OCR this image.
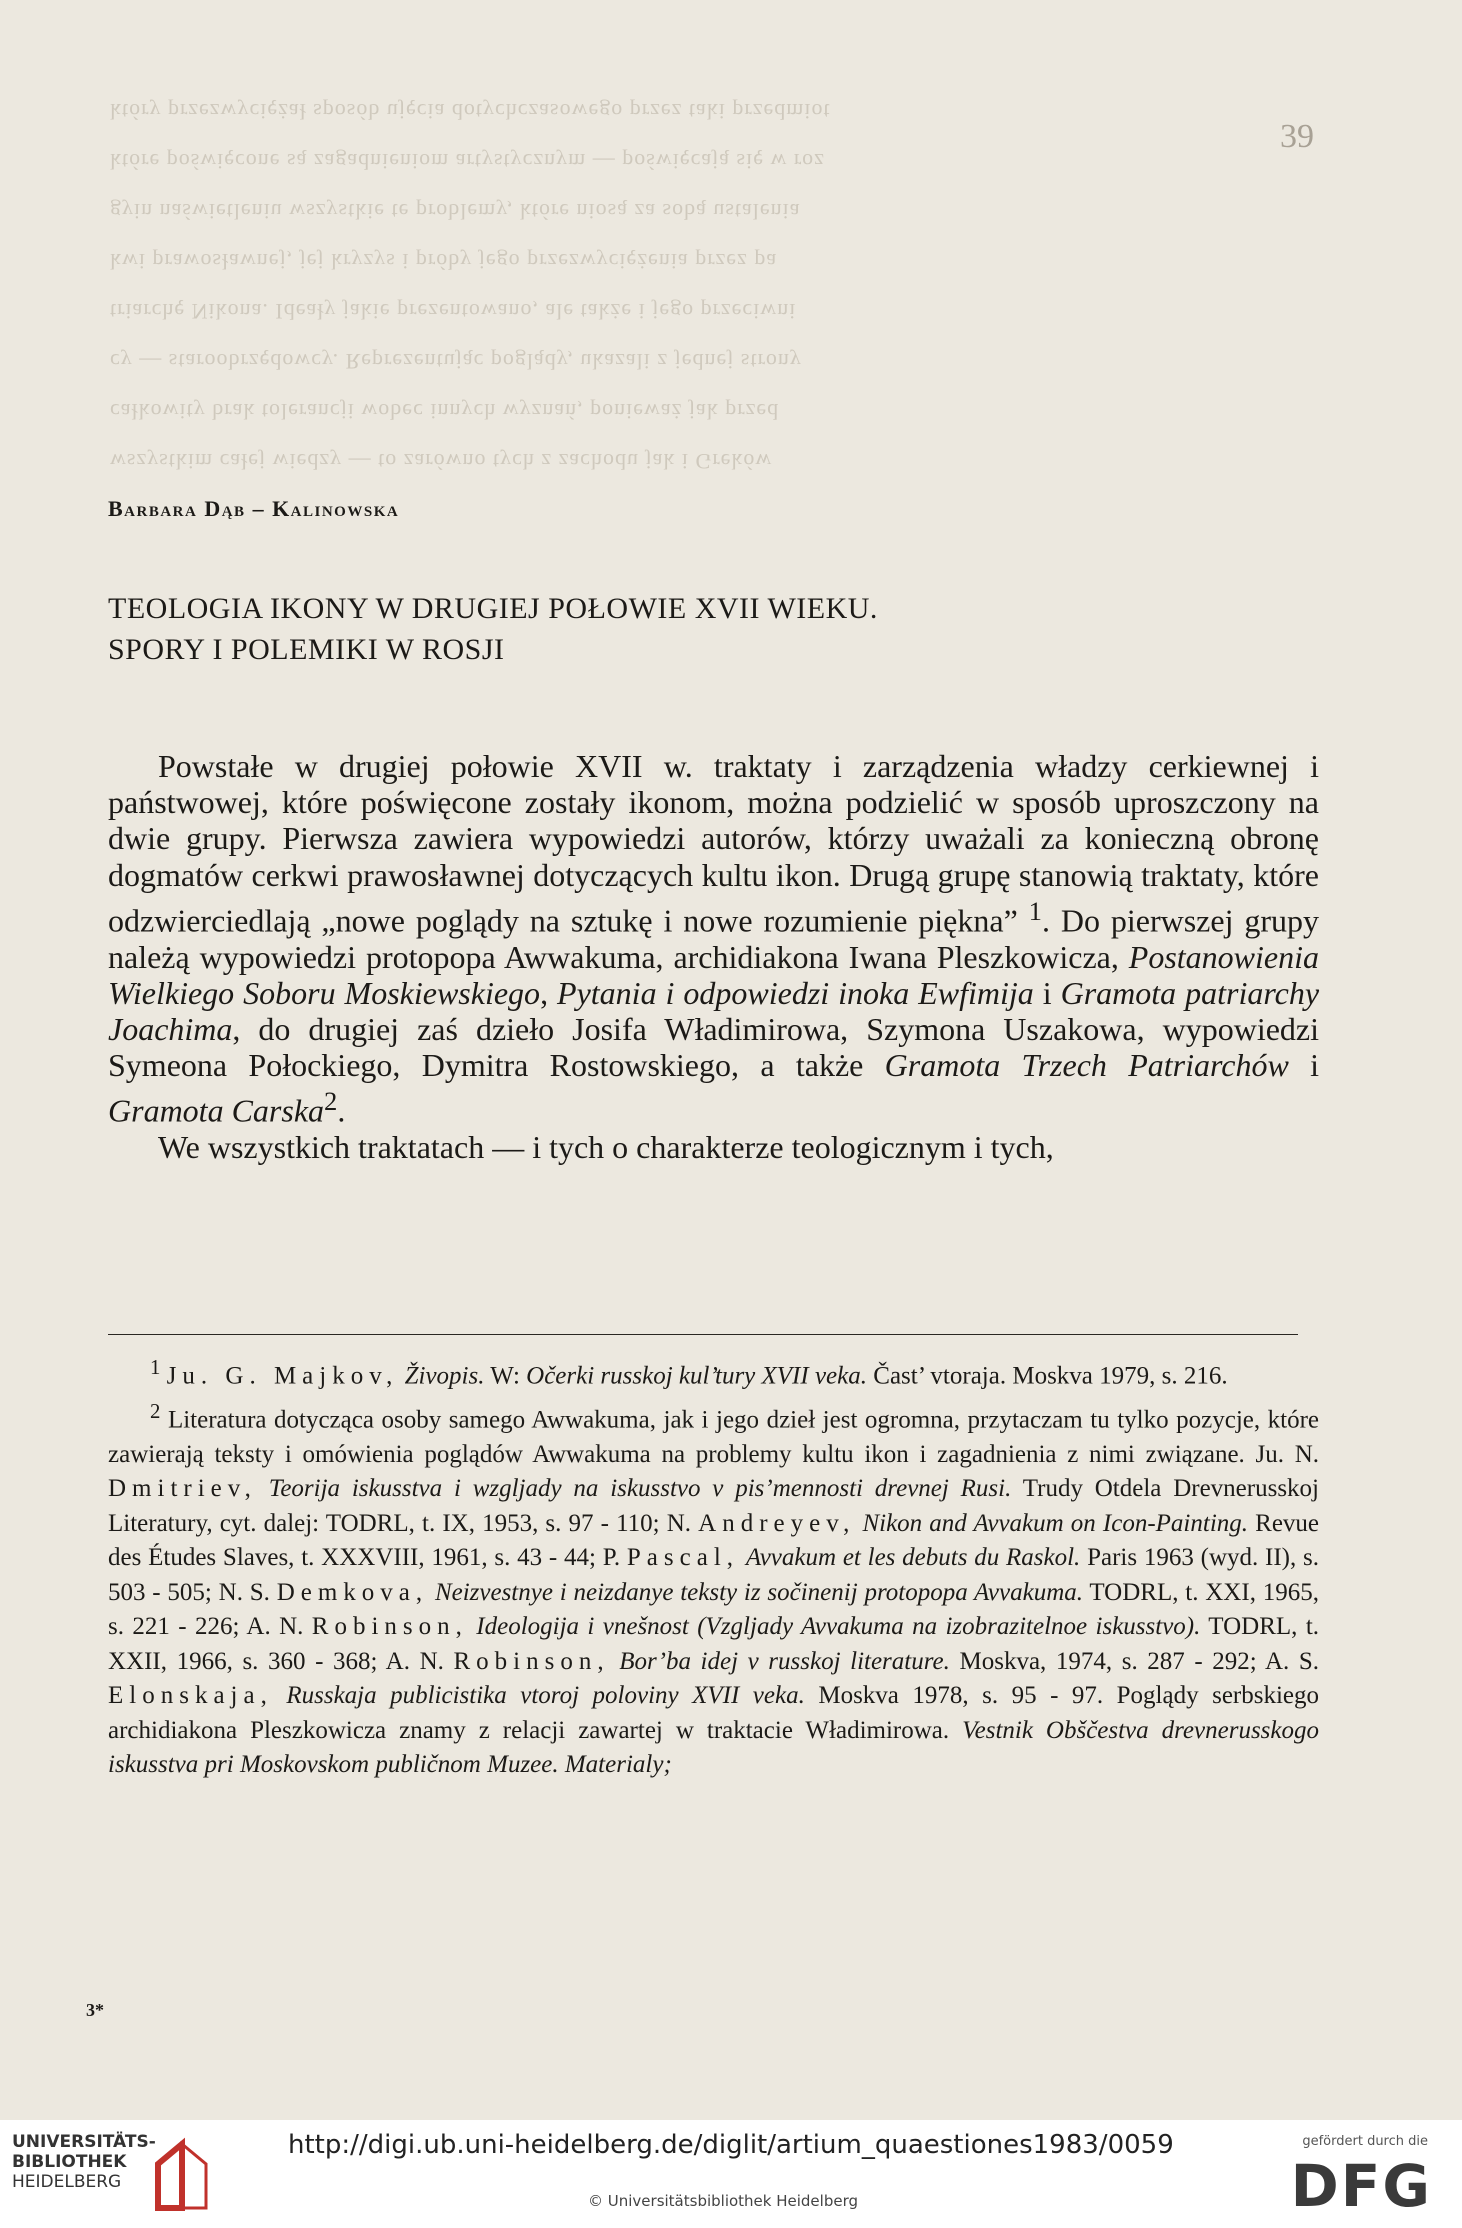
który przezwyciężał sposób ujęcia dotychczasowego przez taki przedmiot
które poświęcone są zagadnieniom artystycznym — poświęcają się w roz
gyin naświetleniu wszystkie te problemy, które niosą za sobą ustalenia
kwi prawosławnej, jej kryzys i próby jego przezwyciężenia przez pa
triarchę Nikona. Ideały jakie prezentowano, ale także i jego przeciwni
cy — staroobrzędowcy. Reprezentując poglądy, ukazali z jednej strony
całkowity brak tolerancji wobec innych wyznań, ponieważ jak przed
wszystkim całej wiedzy — to zarówno tych z zachodu jak i Greków
39
Barbara Dąb – Kalinowska
TEOLOGIA IKONY W DRUGIEJ POŁOWIE XVII WIEKU.
SPORY I POLEMIKI W ROSJI

Powstałe w drugiej połowie XVII w. traktaty i zarządzenia władzy cerkiewnej i państwowej, które poświęcone zostały ikonom, można podzielić w sposób uproszczony na dwie grupy. Pierwsza zawiera wypowiedzi autorów, którzy uważali za konieczną obronę dogmatów cerkwi prawosławnej dotyczących kultu ikon. Drugą grupę stanowią traktaty, które odzwierciedlają „nowe poglądy na sztukę i nowe rozumienie piękna” $^1$. Do pierwszej grupy należą wypowiedzi protopopa Awwakuma, archidiakona Iwana Pleszkowicza, Postanowienia Wielkiego Soboru Moskiewskiego, Pytania i odpowiedzi inoka Ewfimija i Gramota patriarchy Joachima, do drugiej zaś dzieło Josifa Władimirowa, Szymona Uszakowa, wypowiedzi Symeona Połockiego, Dymitra Rostowskiego, a także Gramota Trzech Patriarchów i Gramota Carska$^2$.

We wszystkich traktatach — i tych o charakterze teologicznym i tych,

$^1$ Ju. G. Majkov, Živopis. W: Očerki russkoj kul’tury XVII veka. Čast’ vtoraja. Moskva 1979, s. 216.

$^2$ Literatura dotycząca osoby samego Awwakuma, jak i jego dzieł jest ogromna, przytaczam tu tylko pozycje, które zawierają teksty i omówienia poglądów Awwakuma na problemy kultu ikon i zagadnienia z nimi związane. Ju. N. Dmitriev, Teorija iskusstva i wzgljady na iskusstvo v pis’mennosti drevnej Rusi. Trudy Otdela Drevnerusskoj Literatury, cyt. dalej: TODRL, t. IX, 1953, s. 97 - 110; N. Andreyev, Nikon and Avvakum on Icon-Painting. Revue des Études Slaves, t. XXXVIII, 1961, s. 43 - 44; P. Pascal, Avvakum et les debuts du Raskol. Paris 1963 (wyd. II), s. 503 - 505; N. S. Demkova, Neizvestnye i neizdanye teksty iz sočinenij protopopa Avvakuma. TODRL, t. XXI, 1965, s. 221 - 226; A. N. Robinson, Ideologija i vnešnost (Vzgljady Avvakuma na izobrazitelnoe iskusstvo). TODRL, t. XXII, 1966, s. 360 - 368; A. N. Robinson, Bor’ba idej v russkoj literature. Moskva, 1974, s. 287 - 292; A. S. Elonskaja, Russkaja publicistika vtoroj poloviny XVII veka. Moskva 1978, s. 95 - 97. Poglądy serbskiego archidiakona Pleszkowicza znamy z relacji zawartej w traktacie Władimirowa. Vestnik Obščestva drevnerusskogo iskusstva pri Moskovskom publičnom Muzee. Materialy;

3*
UNIVERSITÄTS-
BIBLIOTHEK
HEIDELBERG
http://digi.ub.uni-heidelberg.de/diglit/artium_quaestiones1983/0059
© Universitätsbibliothek Heidelberg
gefördert durch die
DFG
